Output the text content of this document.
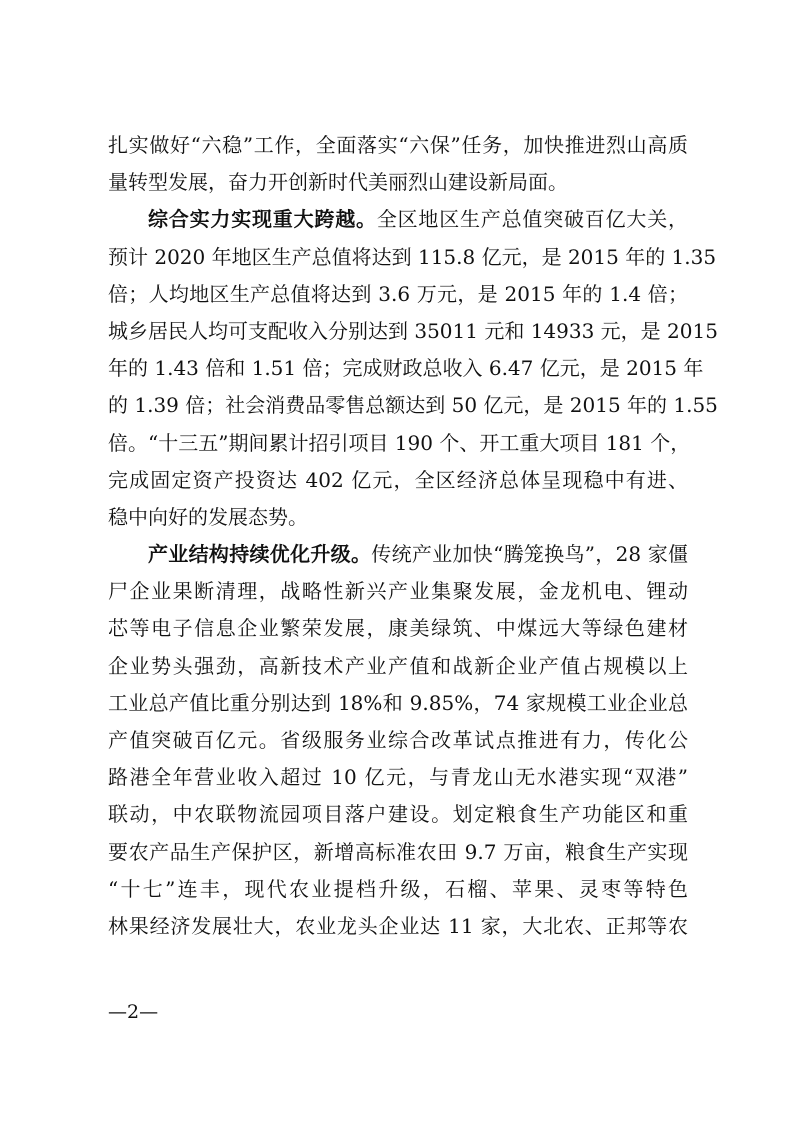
扎实做好“六稳”工作，全面落实“六保”任务，加快推进烈山高质
量转型发展，奋力开创新时代美丽烈山建设新局面。
综合实力实现重大跨越。全区地区生产总值突破百亿大关，
预计 2020 年地区生产总值将达到 115.8 亿元，是 2015 年的 1.35
倍；人均地区生产总值将达到 3.6 万元，是 2015 年的 1.4 倍；
城乡居民人均可支配收入分别达到 35011 元和 14933 元，是 2015
年的 1.43 倍和 1.51 倍；完成财政总收入 6.47 亿元，是 2015 年
的 1.39 倍；社会消费品零售总额达到 50 亿元，是 2015 年的 1.55
倍。“十三五”期间累计招引项目 190 个、开工重大项目 181 个，
完成固定资产投资达 402 亿元，全区经济总体呈现稳中有进、
稳中向好的发展态势。
产业结构持续优化升级。传统产业加快“腾笼换鸟”，28 家僵
尸企业果断清理，战略性新兴产业集聚发展，金龙机电、锂动
芯等电子信息企业繁荣发展，康美绿筑、中煤远大等绿色建材
企业势头强劲，高新技术产业产值和战新企业产值占规模以上
工业总产值比重分别达到 18%和 9.85%，74 家规模工业企业总
产值突破百亿元。省级服务业综合改革试点推进有力，传化公
路港全年营业收入超过 10 亿元，与青龙山无水港实现“双港”
联动，中农联物流园项目落户建设。划定粮食生产功能区和重
要农产品生产保护区，新增高标准农田 9.7 万亩，粮食生产实现
“十七”连丰，现代农业提档升级，石榴、苹果、灵枣等特色
林果经济发展壮大，农业龙头企业达 11 家，大北农、正邦等农
—2—
